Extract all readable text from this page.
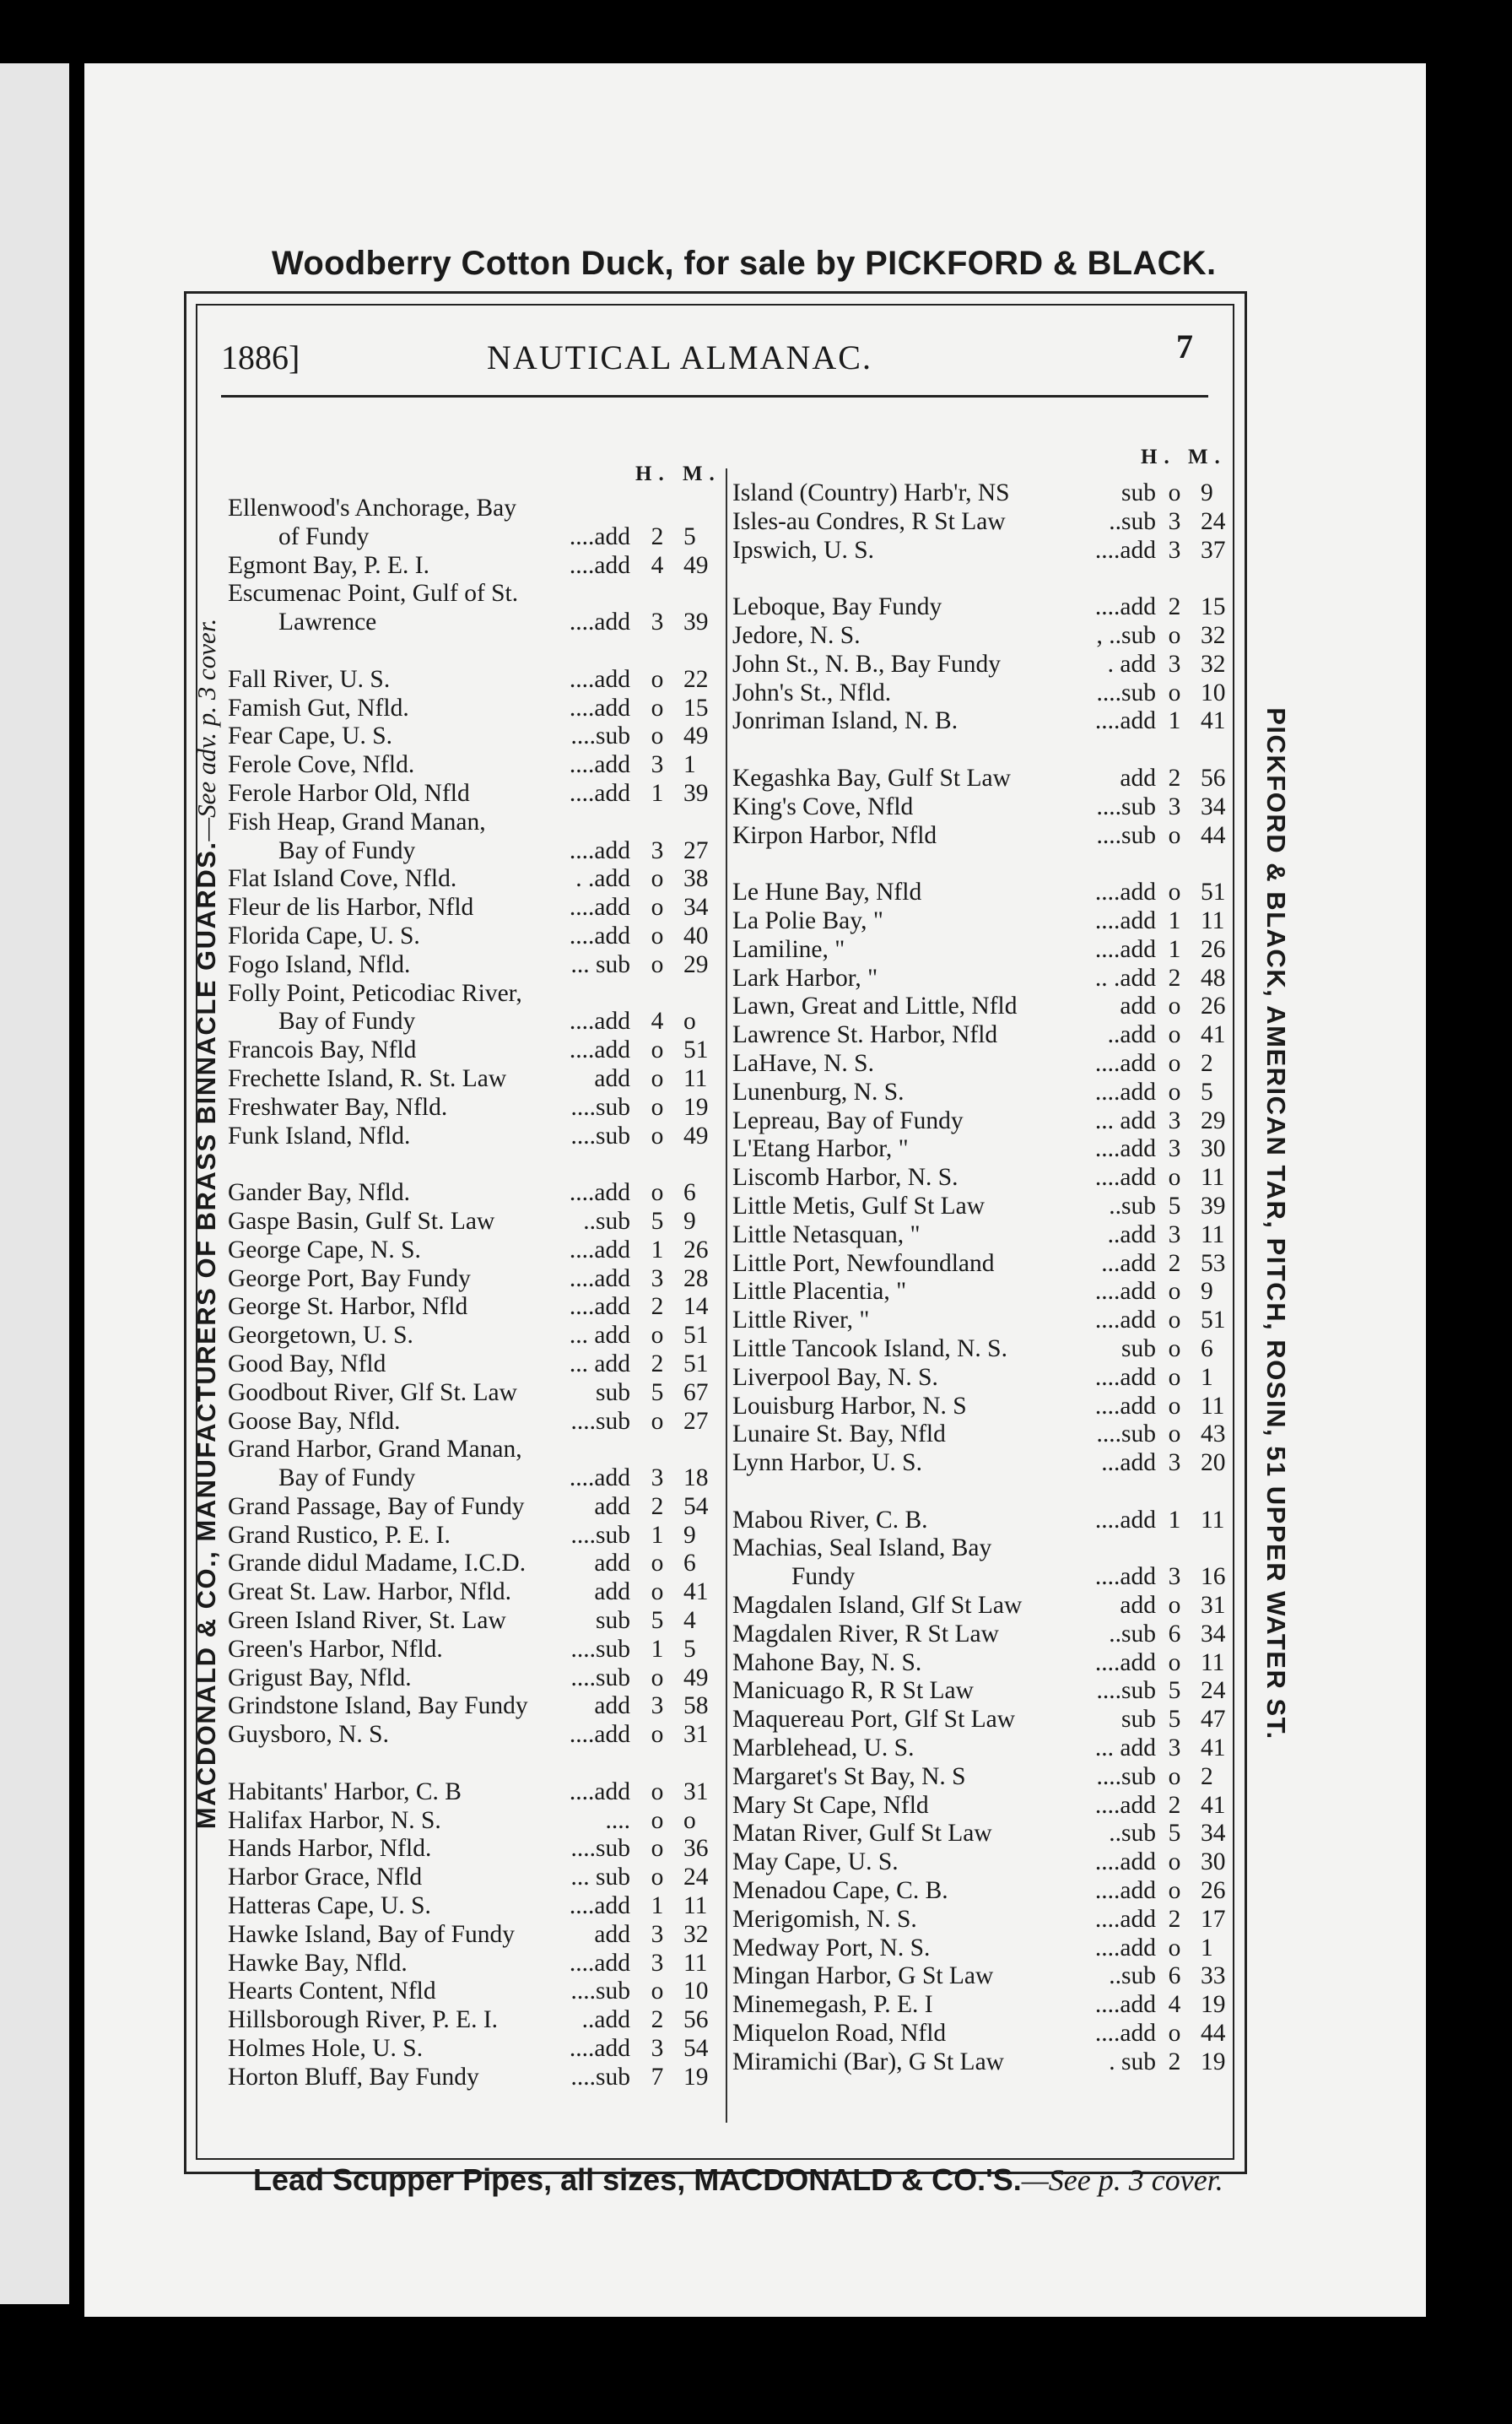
Woodberry Cotton Duck, for sale by PICKFORD & BLACK.
MACDONALD & CO., MANUFACTURERS OF BRASS BINNACLE GUARDS.—See adv. p. 3 cover.	PICKFORD & BLACK, AMERICAN TAR, PITCH, ROSIN, 51 UPPER WATER ST.
1886]	NAUTICAL ALMANAC.	7
H. M.
H. M.
Ellenwood's Anchorage, Bay
of Fundy	....add 2 5
Egmont Bay, P. E. I.	....add 4 49
Escumenac Point, Gulf of St.
Lawrence	....add 3 39
Fall River, U. S.	....add o 22
Famish Gut, Nfld.	....add o 15
Fear Cape, U. S.	....sub o 49
Ferole Cove, Nfld.	....add 3 1
Ferole Harbor Old, Nfld	....add 1 39
Fish Heap, Grand Manan,
Bay of Fundy	....add 3 27
Flat Island Cove, Nfld.	. .add o 38
Fleur de lis Harbor, Nfld	....add o 34
Florida Cape, U. S.	....add o 40
Fogo Island, Nfld.	... sub o 29
Folly Point, Peticodiac River,
Bay of Fundy	....add 4 o
Francois Bay, Nfld	....add o 51
Frechette Island, R. St. Law	add o 11
Freshwater Bay, Nfld.	....sub o 19
Funk Island, Nfld.	....sub o 49
Gander Bay, Nfld.	....add o 6
Gaspe Basin, Gulf St. Law	..sub 5 9
George Cape, N. S.	....add 1 26
George Port, Bay Fundy	....add 3 28
George St. Harbor, Nfld	....add 2 14
Georgetown, U. S.	... add o 51
Good Bay, Nfld	... add 2 51
Goodbout River, Glf St. Law	sub 5 67
Goose Bay, Nfld.	....sub o 27
Grand Harbor, Grand Manan,
Bay of Fundy	....add 3 18
Grand Passage, Bay of Fundy	add 2 54
Grand Rustico, P. E. I.	....sub 1 9
Grande didul Madame, I.C.D.	add o 6
Great St. Law. Harbor, Nfld.	add o 41
Green Island River, St. Law	sub 5 4
Green's Harbor, Nfld.	....sub 1 5
Grigust Bay, Nfld.	....sub o 49
Grindstone Island, Bay Fundy	add 3 58
Guysboro, N. S.	....add o 31
Habitants' Harbor, C. B	....add o 31
Halifax Harbor, N. S.	.... o o
Hands Harbor, Nfld.	....sub o 36
Harbor Grace, Nfld	... sub o 24
Hatteras Cape, U. S.	....add 1 11
Hawke Island, Bay of Fundy	add 3 32
Hawke Bay, Nfld.	....add 3 11
Hearts Content, Nfld	....sub o 10
Hillsborough River, P. E. I.	..add 2 56
Holmes Hole, U. S.	....add 3 54
Horton Bluff, Bay Fundy	....sub 7 19
Island (Country) Harb'r, NS	sub o 9
Isles-au Condres, R St Law	..sub 3 24
Ipswich, U. S.	....add 3 37
Leboque, Bay Fundy	....add 2 15
Jedore, N. S.	, ..sub o 32
John St., N. B., Bay Fundy	. add 3 32
John's St., Nfld.	....sub o 10
Jonriman Island, N. B.	....add 1 41
Kegashka Bay, Gulf St Law	add 2 56
King's Cove, Nfld	....sub 3 34
Kirpon Harbor, Nfld	....sub o 44
Le Hune Bay, Nfld	....add o 51
La Polie Bay, "	....add 1 11
Lamiline, "	....add 1 26
Lark Harbor, "	.. .add 2 48
Lawn, Great and Little, Nfld	add o 26
Lawrence St. Harbor, Nfld	..add o 41
LaHave, N. S.	....add o 2
Lunenburg, N. S.	....add o 5
Lepreau, Bay of Fundy	... add 3 29
L'Etang Harbor, "	....add 3 30
Liscomb Harbor, N. S.	....add o 11
Little Metis, Gulf St Law	..sub 5 39
Little Netasquan, "	..add 3 11
Little Port, Newfoundland	...add 2 53
Little Placentia, "	....add o 9
Little River, "	....add o 51
Little Tancook Island, N. S.	sub o 6
Liverpool Bay, N. S.	....add o 1
Louisburg Harbor, N. S	....add o 11
Lunaire St. Bay, Nfld	....sub o 43
Lynn Harbor, U. S.	...add 3 20
Mabou River, C. B.	....add 1 11
Machias, Seal Island, Bay
Fundy	....add 3 16
Magdalen Island, Glf St Law	add o 31
Magdalen River, R St Law	..sub 6 34
Mahone Bay, N. S.	....add o 11
Manicuago R, R St Law	....sub 5 24
Maquereau Port, Glf St Law	sub 5 47
Marblehead, U. S.	... add 3 41
Margaret's St Bay, N. S	....sub o 2
Mary St Cape, Nfld	....add 2 41
Matan River, Gulf St Law	..sub 5 34
May Cape, U. S.	....add o 30
Menadou Cape, C. B.	....add o 26
Merigomish, N. S.	....add 2 17
Medway Port, N. S.	....add o 1
Mingan Harbor, G St Law	..sub 6 33
Minemegash, P. E. I	....add 4 19
Miquelon Road, Nfld	....add o 44
Miramichi (Bar), G St Law	. sub 2 19
Lead Scupper Pipes, all sizes, MACDONALD & CO.'S.—See p. 3 cover.
